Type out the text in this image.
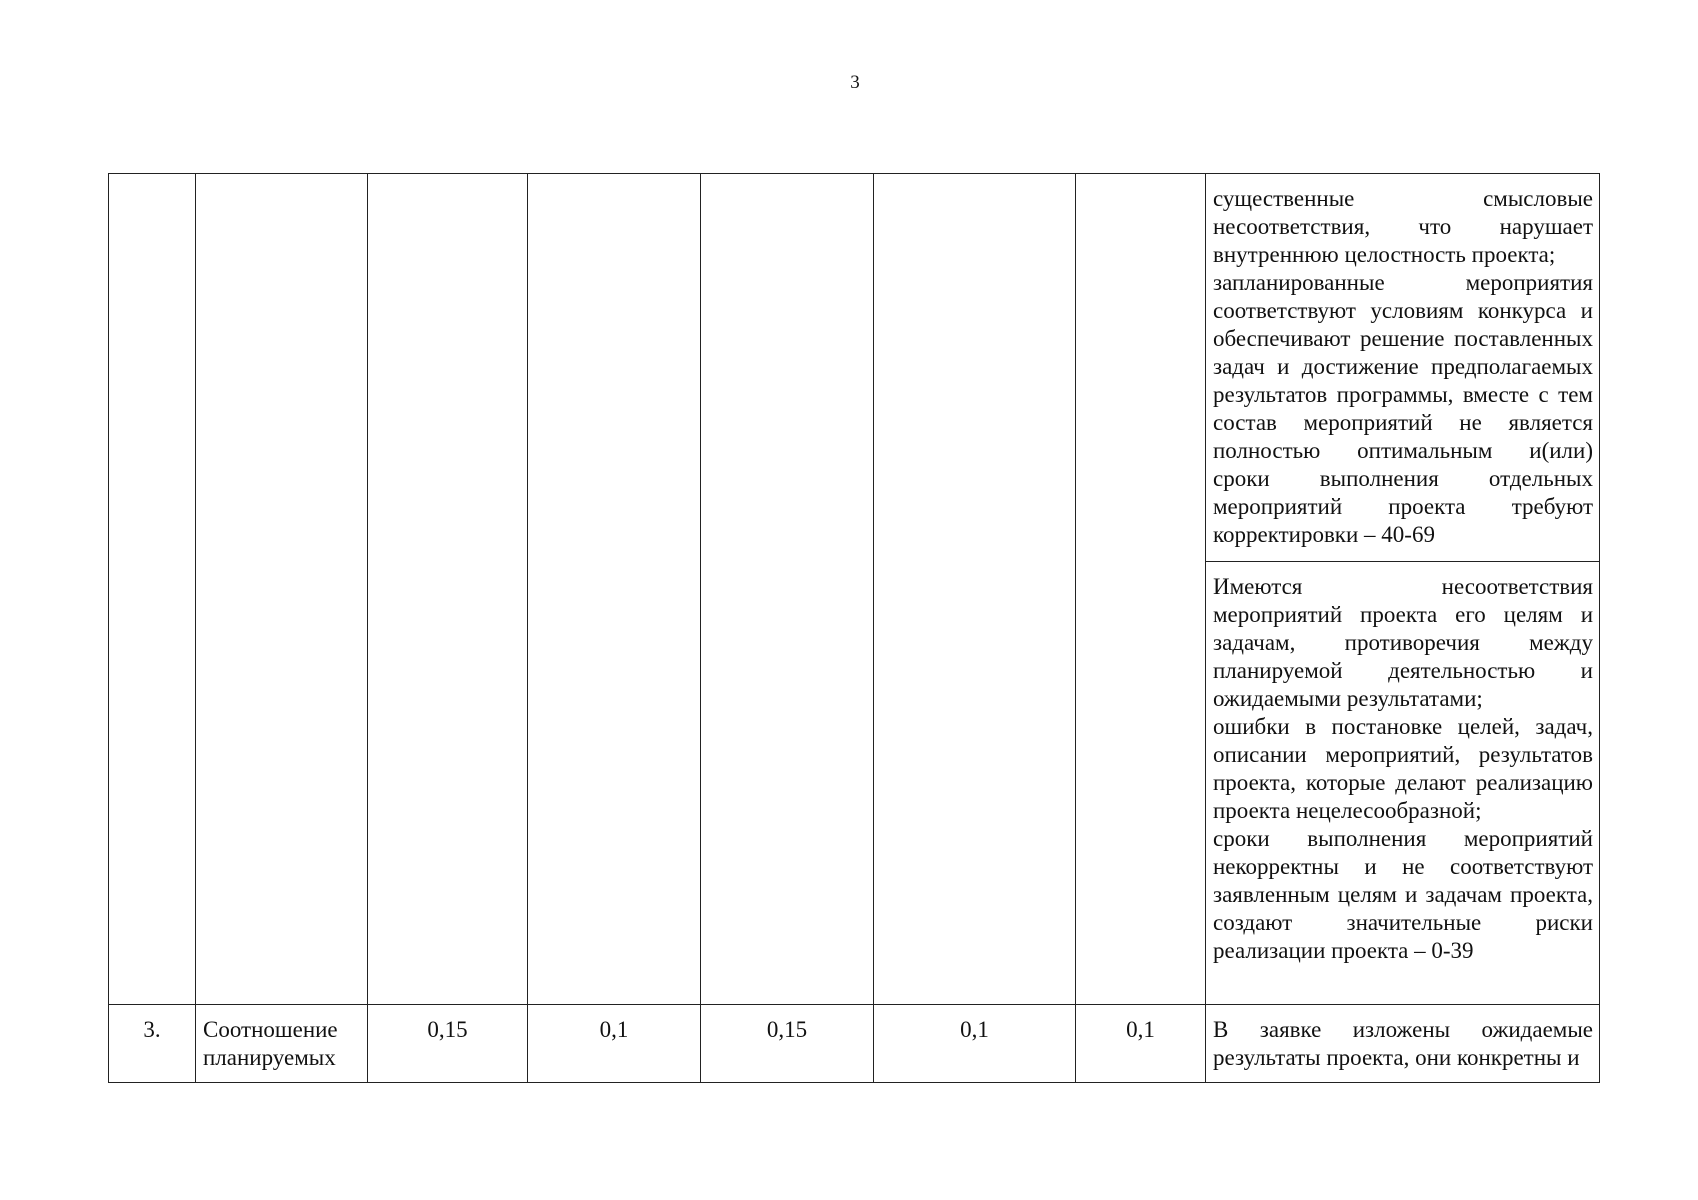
3

							существенные смысловые несоответствия, что нарушает внутреннюю целостность проекта;
запланированные мероприятия соответствуют условиям конкурса и обеспечивают решение поставленных задач и достижение предполагаемых результатов программы, вместе с тем состав мероприятий не является полностью оптимальным и(или) сроки выполнения отдельных мероприятий проекта требуют корректировки – 40-69

							Имеются несоответствия мероприятий проекта его целям и задачам, противоречия между планируемой деятельностью и ожидаемыми результатами;
ошибки в постановке целей, задач, описании мероприятий, результатов проекта, которые делают реализацию проекта нецелесообразной;
сроки выполнения мероприятий некорректны и не соответствуют заявленным целям и задачам проекта, создают значительные риски реализации проекта – 0-39

3.	Соотношение планируемых	0,15	0,1	0,15	0,1	0,1	В заявке изложены ожидаемые результаты проекта, они конкретны и
